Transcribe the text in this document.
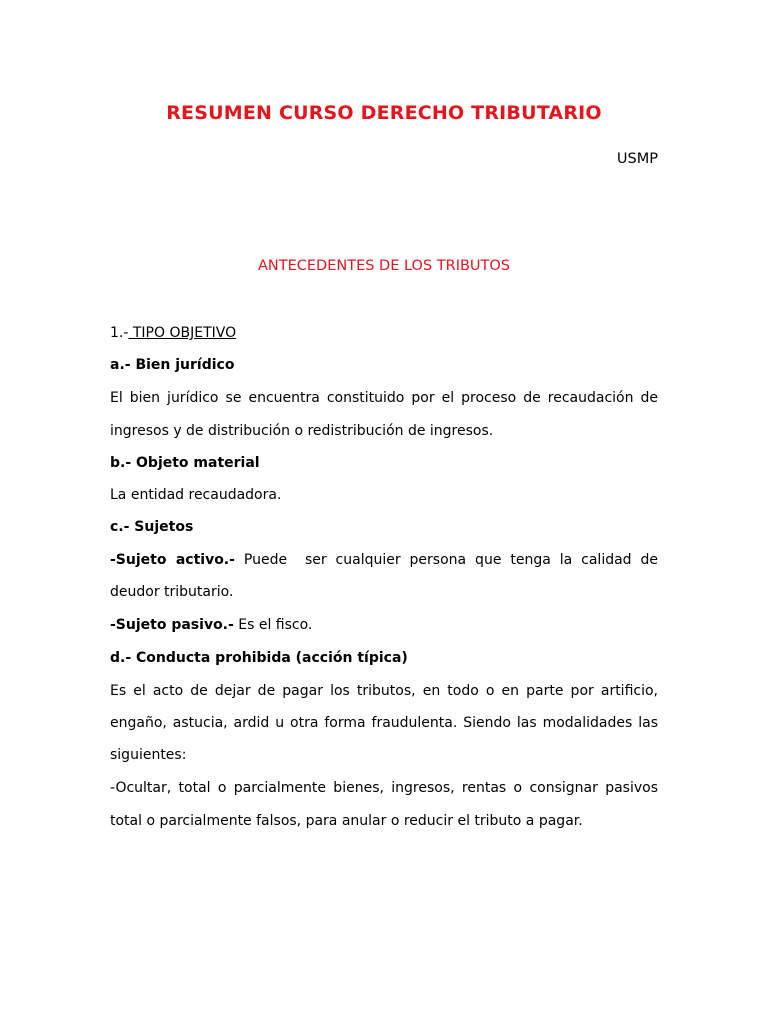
RESUMEN CURSO DERECHO TRIBUTARIO
USMP
ANTECEDENTES DE LOS TRIBUTOS
1.- TIPO OBJETIVO
a.- Bien jurídico
El bien jurídico se encuentra constituido por el proceso de recaudación de
ingresos y de distribución o redistribución de ingresos.
b.- Objeto material
La entidad recaudadora.
c.- Sujetos
-Sujeto activo.- Puede  ser cualquier persona que tenga la calidad de
deudor tributario.
-Sujeto pasivo.- Es el fisco.
d.- Conducta prohibida (acción típica)
Es el acto de dejar de pagar los tributos, en todo o en parte por artificio,
engaño, astucia, ardid u otra forma fraudulenta. Siendo las modalidades las
siguientes:
-Ocultar, total o parcialmente bienes, ingresos, rentas o consignar pasivos
total o parcialmente falsos, para anular o reducir el tributo a pagar.
